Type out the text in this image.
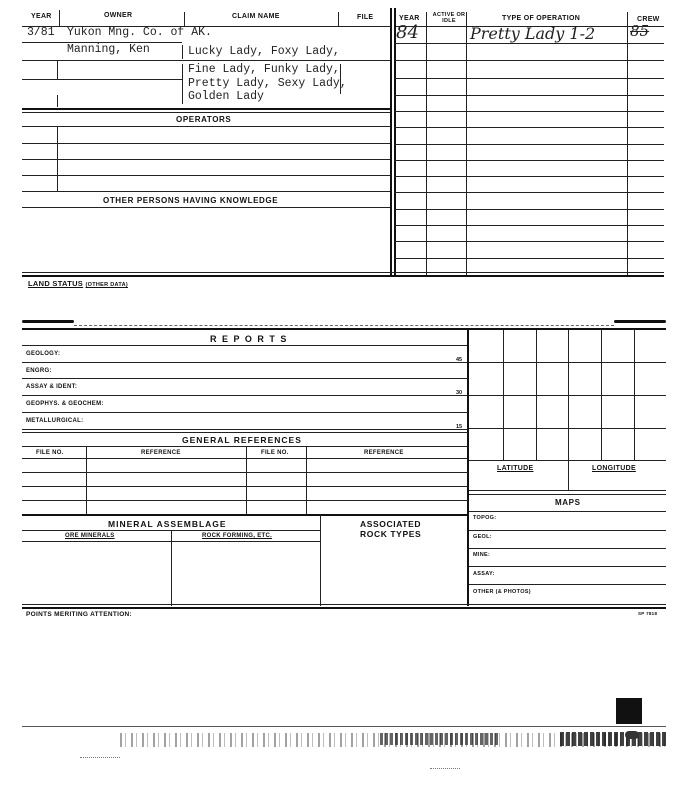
YEAR	OWNER	CLAIM NAME	FILE	YEAR ACTIVE OR IDLE	TYPE OF OPERATION	CREW
3/81 Yukon Mng. Co. of AK.
Manning, Ken	Lucky Lady, Foxy Lady,
Fine Lady, Funky Lady,
Pretty Lady, Sexy Lady,
Golden Lady
84	Pretty Lady 1-2 85
OPERATORS
OTHER PERSONS HAVING KNOWLEDGE
LAND STATUS (OTHER DATA)
R E P O R T S
GEOLOGY:
45
ENGRG:
ASSAY & IDENT:
30
GEOPHYS. & GEOCHEM:
METALLURGICAL:
15
GENERAL REFERENCES
FILE NO.	REFERENCE	FILE NO.	REFERENCE
MINERAL ASSEMBLAGE	ASSOCIATED
ROCK TYPES
ORE MINERALS	ROCK FORMING, ETC.
LATITUDE	LONGITUDE
MAPS
TOPOG:
GEOL:
MINE:
ASSAY:
OTHER (& PHOTOS)
POINTS MERITING ATTENTION:	SP 7818
